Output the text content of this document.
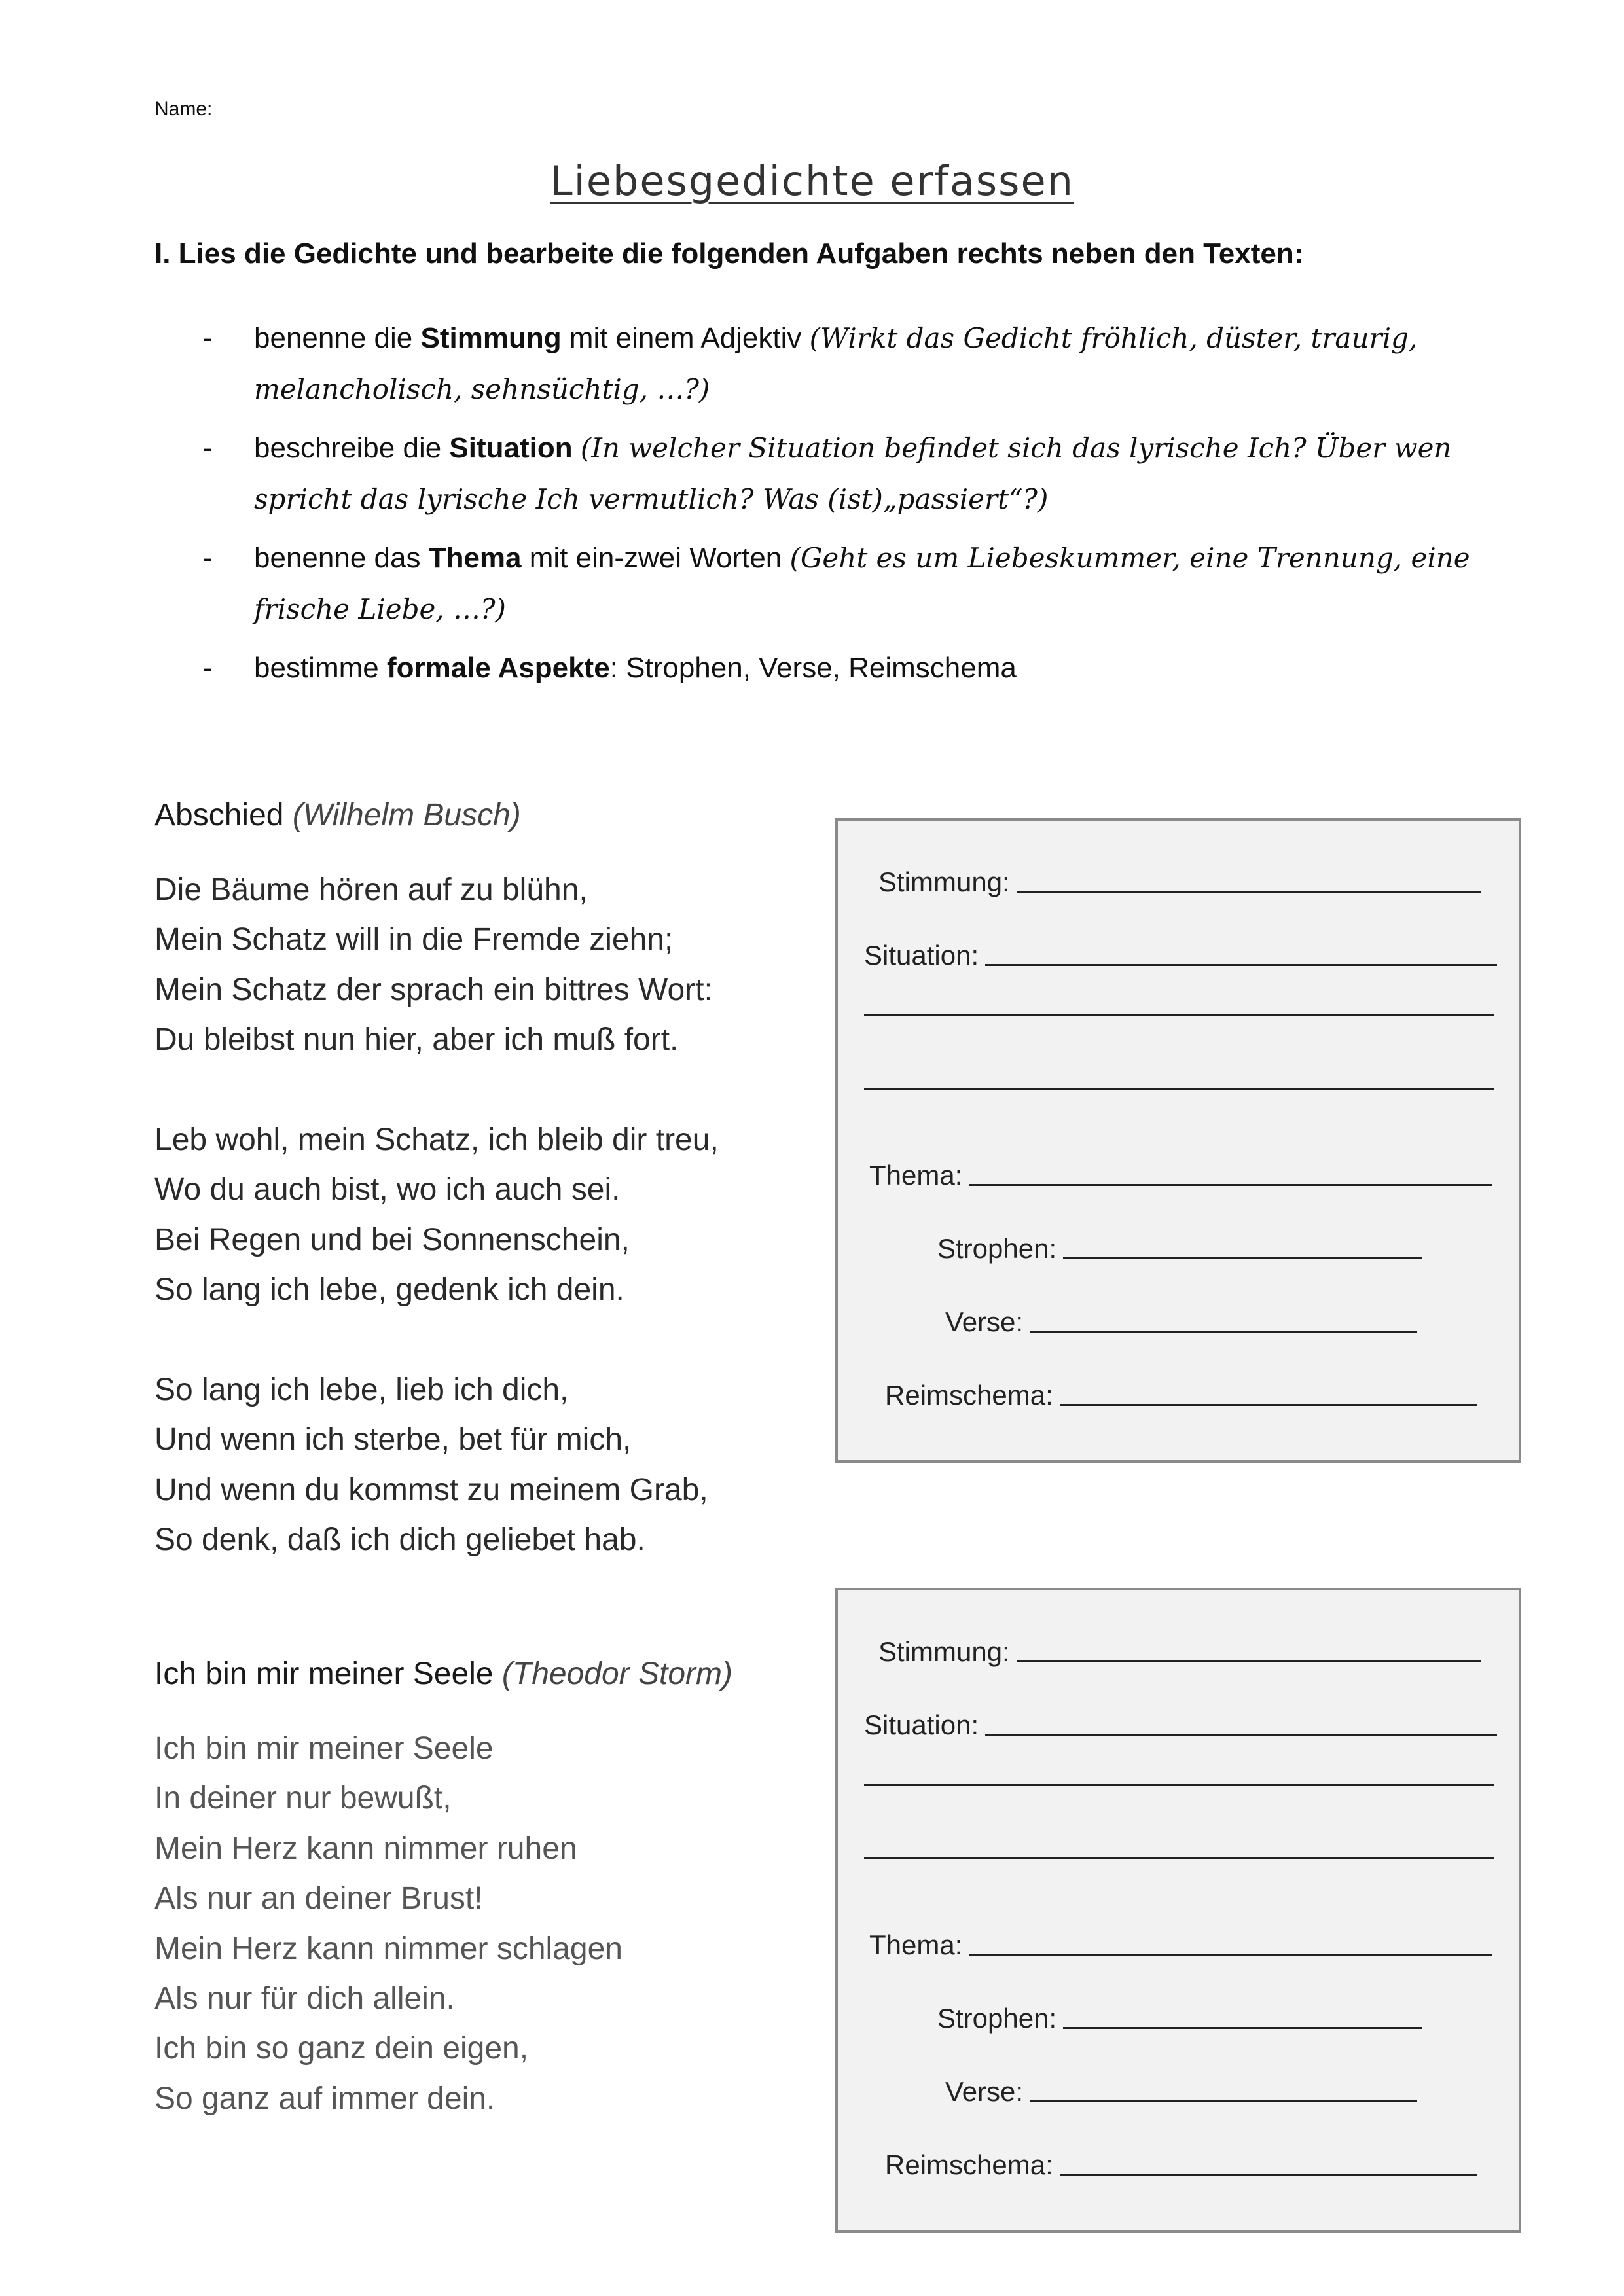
Name:
Liebesgedichte erfassen
I. Lies die Gedichte und bearbeite die folgenden Aufgaben rechts neben den Texten:
- benenne die Stimmung mit einem Adjektiv (Wirkt das Gedicht fröhlich, düster, traurig, melancholisch, sehnsüchtig, …?)
- beschreibe die Situation (In welcher Situation befindet sich das lyrische Ich? Über wen spricht das lyrische Ich vermutlich? Was (ist)„passiert“?)
- benenne das Thema mit ein-zwei Worten (Geht es um Liebeskummer, eine Trennung, eine frische Liebe, …?)
- bestimme formale Aspekte: Strophen, Verse, Reimschema
Abschied (Wilhelm Busch)
Die Bäume hören auf zu blühn,
Mein Schatz will in die Fremde ziehn;
Mein Schatz der sprach ein bittres Wort:
Du bleibst nun hier, aber ich muß fort.
Leb wohl, mein Schatz, ich bleib dir treu,
Wo du auch bist, wo ich auch sei.
Bei Regen und bei Sonnenschein,
So lang ich lebe, gedenk ich dein.
So lang ich lebe, lieb ich dich,
Und wenn ich sterbe, bet für mich,
Und wenn du kommst zu meinem Grab,
So denk, daß ich dich geliebet hab.
Stimmung:
Situation:
Thema:
Strophen:
Verse:
Reimschema:
Ich bin mir meiner Seele (Theodor Storm)
Ich bin mir meiner Seele
In deiner nur bewußt,
Mein Herz kann nimmer ruhen
Als nur an deiner Brust!
Mein Herz kann nimmer schlagen
Als nur für dich allein.
Ich bin so ganz dein eigen,
So ganz auf immer dein.
Stimmung:
Situation:
Thema:
Strophen:
Verse:
Reimschema:
